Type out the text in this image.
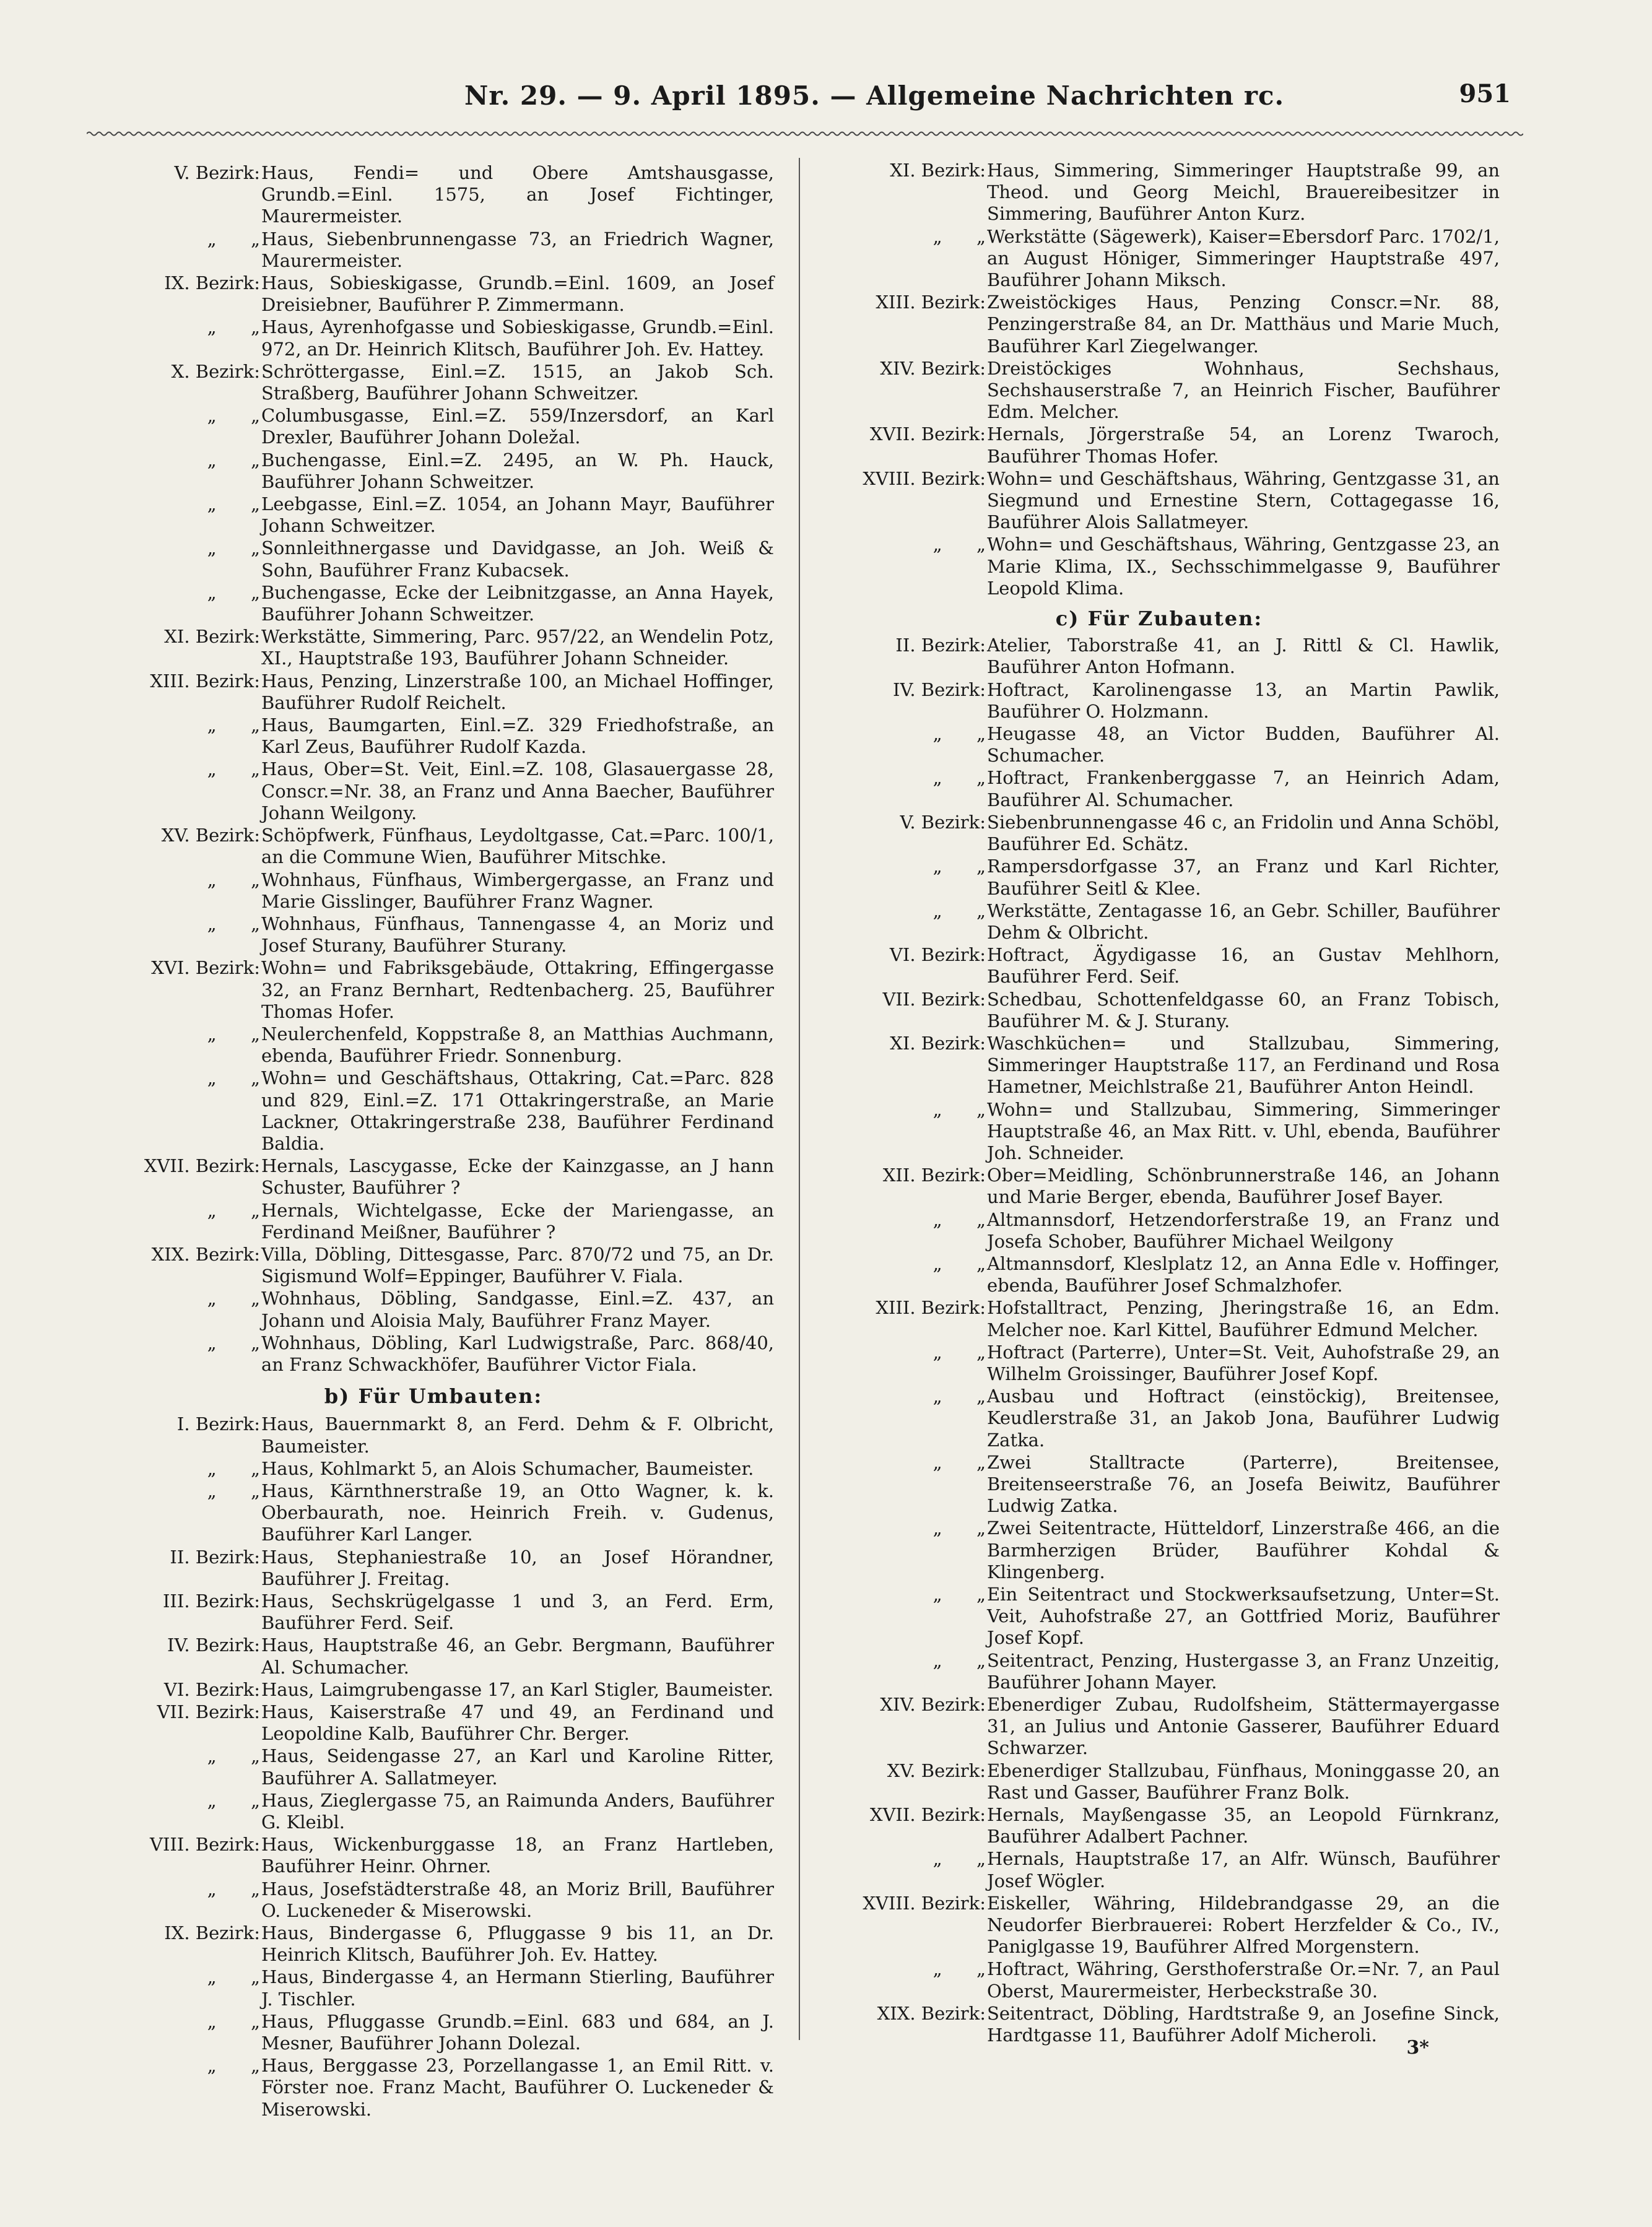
Nr. 29. — 9. April 1895. — Allgemeine Nachrichten rc.	951
V. Bezirk: Haus, Fendi= und Obere Amtshausgasse, Grundb.=Einl. 1575, an Josef Fichtinger, Maurermeister.
„      „ Haus, Siebenbrunnengasse 73, an Friedrich Wagner, Maurermeister.
IX. Bezirk: Haus, Sobieskigasse, Grundb.=Einl. 1609, an Josef Dreisiebner, Bauführer P. Zimmermann.
„      „ Haus, Ayrenhofgasse und Sobieskigasse, Grundb.=Einl. 972, an Dr. Heinrich Klitsch, Bauführer Joh. Ev. Hattey.
X. Bezirk: Schröttergasse, Einl.=Z. 1515, an Jakob Sch. Straßberg, Bauführer Johann Schweitzer.
„      „ Columbusgasse, Einl.=Z. 559/Inzersdorf, an Karl Drexler, Bauführer Johann Doležal.
„      „ Buchengasse, Einl.=Z. 2495, an W. Ph. Hauck, Bauführer Johann Schweitzer.
„      „ Leebgasse, Einl.=Z. 1054, an Johann Mayr, Bauführer Johann Schweitzer.
„      „ Sonnleithnergasse und Davidgasse, an Joh. Weiß & Sohn, Bauführer Franz Kubacsek.
„      „ Buchengasse, Ecke der Leibnitzgasse, an Anna Hayek, Bauführer Johann Schweitzer.
XI. Bezirk: Werkstätte, Simmering, Parc. 957/22, an Wendelin Potz, XI., Hauptstraße 193, Bauführer Johann Schneider.
XIII. Bezirk: Haus, Penzing, Linzerstraße 100, an Michael Hoffinger, Bauführer Rudolf Reichelt.
„      „ Haus, Baumgarten, Einl.=Z. 329 Friedhofstraße, an Karl Zeus, Bauführer Rudolf Kazda.
„      „ Haus, Ober=St. Veit, Einl.=Z. 108, Glasauergasse 28, Conscr.=Nr. 38, an Franz und Anna Baecher, Bauführer Johann Weilgony.
XV. Bezirk: Schöpfwerk, Fünfhaus, Leydoltgasse, Cat.=Parc. 100/1, an die Commune Wien, Bauführer Mitschke.
„      „ Wohnhaus, Fünfhaus, Wimbergergasse, an Franz und Marie Gisslinger, Bauführer Franz Wagner.
„      „ Wohnhaus, Fünfhaus, Tannengasse 4, an Moriz und Josef Sturany, Bauführer Sturany.
XVI. Bezirk: Wohn= und Fabriksgebäude, Ottakring, Effingergasse 32, an Franz Bernhart, Redtenbacherg. 25, Bauführer Thomas Hofer.
„      „ Neulerchenfeld, Koppstraße 8, an Matthias Auchmann, ebenda, Bauführer Friedr. Sonnenburg.
„      „ Wohn= und Geschäftshaus, Ottakring, Cat.=Parc. 828 und 829, Einl.=Z. 171 Ottakringerstraße, an Marie Lackner, Ottakringerstraße 238, Bauführer Ferdinand Baldia.
XVII. Bezirk: Hernals, Lascygasse, Ecke der Kainzgasse, an J hann Schuster, Bauführer ?
„      „ Hernals, Wichtelgasse, Ecke der Mariengasse, an Ferdinand Meißner, Bauführer ?
XIX. Bezirk: Villa, Döbling, Dittesgasse, Parc. 870/72 und 75, an Dr. Sigismund Wolf=Eppinger, Bauführer V. Fiala.
„      „ Wohnhaus, Döbling, Sandgasse, Einl.=Z. 437, an Johann und Aloisia Maly, Bauführer Franz Mayer.
„      „ Wohnhaus, Döbling, Karl Ludwigstraße, Parc. 868/40, an Franz Schwackhöfer, Bauführer Victor Fiala.
b) Für Umbauten:
I. Bezirk: Haus, Bauernmarkt 8, an Ferd. Dehm & F. Olbricht, Baumeister.
„      „ Haus, Kohlmarkt 5, an Alois Schumacher, Baumeister.
„      „ Haus, Kärnthnerstraße 19, an Otto Wagner, k. k. Oberbaurath, noe. Heinrich Freih. v. Gudenus, Bauführer Karl Langer.
II. Bezirk: Haus, Stephaniestraße 10, an Josef Hörandner, Bauführer J. Freitag.
III. Bezirk: Haus, Sechskrügelgasse 1 und 3, an Ferd. Erm, Bauführer Ferd. Seif.
IV. Bezirk: Haus, Hauptstraße 46, an Gebr. Bergmann, Bauführer Al. Schumacher.
VI. Bezirk: Haus, Laimgrubengasse 17, an Karl Stigler, Baumeister.
VII. Bezirk: Haus, Kaiserstraße 47 und 49, an Ferdinand und Leopoldine Kalb, Bauführer Chr. Berger.
„      „ Haus, Seidengasse 27, an Karl und Karoline Ritter, Bauführer A. Sallatmeyer.
„      „ Haus, Zieglergasse 75, an Raimunda Anders, Bauführer G. Kleibl.
VIII. Bezirk: Haus, Wickenburggasse 18, an Franz Hartleben, Bauführer Heinr. Ohrner.
„      „ Haus, Josefstädterstraße 48, an Moriz Brill, Bauführer O. Luckeneder & Miserowski.
IX. Bezirk: Haus, Bindergasse 6, Pfluggasse 9 bis 11, an Dr. Heinrich Klitsch, Bauführer Joh. Ev. Hattey.
„      „ Haus, Bindergasse 4, an Hermann Stierling, Bauführer J. Tischler.
„      „ Haus, Pfluggasse Grundb.=Einl. 683 und 684, an J. Mesner, Bauführer Johann Dolezal.
„      „ Haus, Berggasse 23, Porzellangasse 1, an Emil Ritt. v. Förster noe. Franz Macht, Bauführer O. Luckeneder & Miserowski.
XI. Bezirk: Haus, Simmering, Simmeringer Hauptstraße 99, an Theod. und Georg Meichl, Brauereibesitzer in Simmering, Bauführer Anton Kurz.
„      „ Werkstätte (Sägewerk), Kaiser=Ebersdorf Parc. 1702/1, an August Höniger, Simmeringer Hauptstraße 497, Bauführer Johann Miksch.
XIII. Bezirk: Zweistöckiges Haus, Penzing Conscr.=Nr. 88, Penzingerstraße 84, an Dr. Matthäus und Marie Much, Bauführer Karl Ziegelwanger.
XIV. Bezirk: Dreistöckiges Wohnhaus, Sechshaus, Sechshauserstraße 7, an Heinrich Fischer, Bauführer Edm. Melcher.
XVII. Bezirk: Hernals, Jörgerstraße 54, an Lorenz Twaroch, Bauführer Thomas Hofer.
XVIII. Bezirk: Wohn= und Geschäftshaus, Währing, Gentzgasse 31, an Siegmund und Ernestine Stern, Cottagegasse 16, Bauführer Alois Sallatmeyer.
„      „ Wohn= und Geschäftshaus, Währing, Gentzgasse 23, an Marie Klima, IX., Sechsschimmelgasse 9, Bauführer Leopold Klima.
c) Für Zubauten:
II. Bezirk: Atelier, Taborstraße 41, an J. Rittl & Cl. Hawlik, Bauführer Anton Hofmann.
IV. Bezirk: Hoftract, Karolinengasse 13, an Martin Pawlik, Bauführer O. Holzmann.
„      „ Heugasse 48, an Victor Budden, Bauführer Al. Schumacher.
„      „ Hoftract, Frankenberggasse 7, an Heinrich Adam, Bauführer Al. Schumacher.
V. Bezirk: Siebenbrunnengasse 46 c, an Fridolin und Anna Schöbl, Bauführer Ed. Schätz.
„      „ Rampersdorfgasse 37, an Franz und Karl Richter, Bauführer Seitl & Klee.
„      „ Werkstätte, Zentagasse 16, an Gebr. Schiller, Bauführer Dehm & Olbricht.
VI. Bezirk: Hoftract, Ägydigasse 16, an Gustav Mehlhorn, Bauführer Ferd. Seif.
VII. Bezirk: Schedbau, Schottenfeldgasse 60, an Franz Tobisch, Bauführer M. & J. Sturany.
XI. Bezirk: Waschküchen= und Stallzubau, Simmering, Simmeringer Hauptstraße 117, an Ferdinand und Rosa Hametner, Meichlstraße 21, Bauführer Anton Heindl.
„      „ Wohn= und Stallzubau, Simmering, Simmeringer Hauptstraße 46, an Max Ritt. v. Uhl, ebenda, Bauführer Joh. Schneider.
XII. Bezirk: Ober=Meidling, Schönbrunnerstraße 146, an Johann und Marie Berger, ebenda, Bauführer Josef Bayer.
„      „ Altmannsdorf, Hetzendorferstraße 19, an Franz und Josefa Schober, Bauführer Michael Weilgony
„      „ Altmannsdorf, Kleslplatz 12, an Anna Edle v. Hoffinger, ebenda, Bauführer Josef Schmalzhofer.
XIII. Bezirk: Hofstalltract, Penzing, Jheringstraße 16, an Edm. Melcher noe. Karl Kittel, Bauführer Edmund Melcher.
„      „ Hoftract (Parterre), Unter=St. Veit, Auhofstraße 29, an Wilhelm Groissinger, Bauführer Josef Kopf.
„      „ Ausbau und Hoftract (einstöckig), Breitensee, Keudlerstraße 31, an Jakob Jona, Bauführer Ludwig Zatka.
„      „ Zwei Stalltracte (Parterre), Breitensee, Breitenseerstraße 76, an Josefa Beiwitz, Bauführer Ludwig Zatka.
„      „ Zwei Seitentracte, Hütteldorf, Linzerstraße 466, an die Barmherzigen Brüder, Bauführer Kohdal & Klingenberg.
„      „ Ein Seitentract und Stockwerksaufsetzung, Unter=St. Veit, Auhofstraße 27, an Gottfried Moriz, Bauführer Josef Kopf.
„      „ Seitentract, Penzing, Hustergasse 3, an Franz Unzeitig, Bauführer Johann Mayer.
XIV. Bezirk: Ebenerdiger Zubau, Rudolfsheim, Stättermayergasse 31, an Julius und Antonie Gasserer, Bauführer Eduard Schwarzer.
XV. Bezirk: Ebenerdiger Stallzubau, Fünfhaus, Moninggasse 20, an Rast und Gasser, Bauführer Franz Bolk.
XVII. Bezirk: Hernals, Mayßengasse 35, an Leopold Fürnkranz, Bauführer Adalbert Pachner.
„      „ Hernals, Hauptstraße 17, an Alfr. Wünsch, Bauführer Josef Wögler.
XVIII. Bezirk: Eiskeller, Währing, Hildebrandgasse 29, an die Neudorfer Bierbrauerei: Robert Herzfelder & Co., IV., Paniglgasse 19, Bauführer Alfred Morgenstern.
„      „ Hoftract, Währing, Gersthoferstraße Or.=Nr. 7, an Paul Oberst, Maurermeister, Herbeckstraße 30.
XIX. Bezirk: Seitentract, Döbling, Hardtstraße 9, an Josefine Sinck, Hardtgasse 11, Bauführer Adolf Micheroli.
3*
